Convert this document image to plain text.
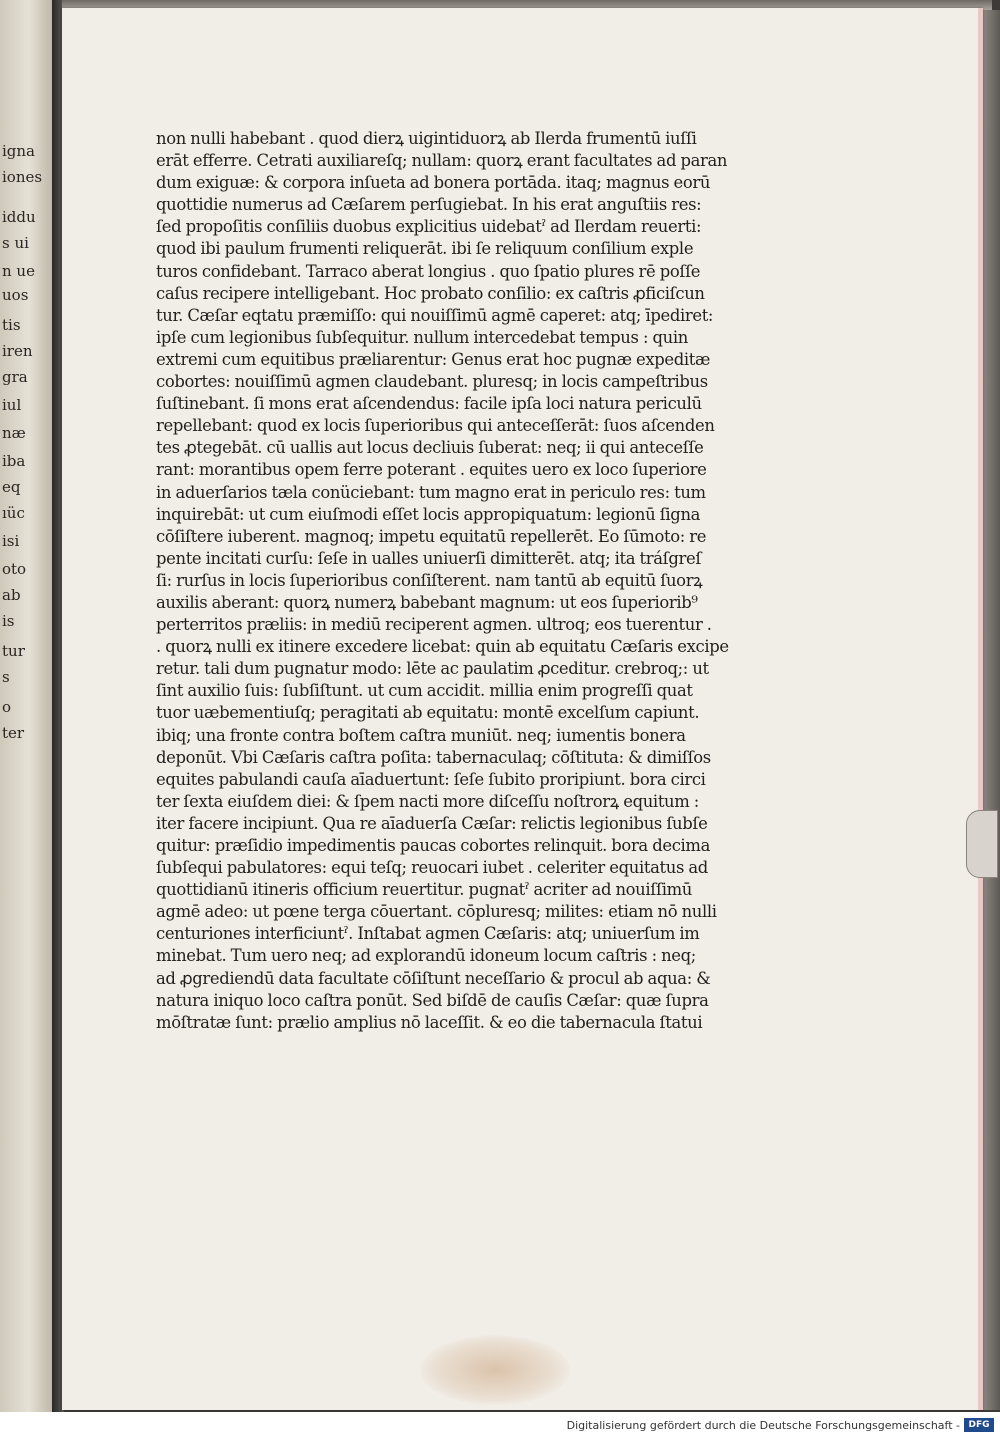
igna
iones
iddu
s ui
n ue
uos
tis
iren
gra
iul
næ
iba
eq
ıüc
isi
oto
ab
is
tur
s
o
ter
non nulli habebant . quod dierꝝ uigintiduorꝝ ab Ilerda frumentū iuſſi
erāt efferre. Cetrati auxiliareſq; nullam: quorꝝ erant facultates ad paran
dum exiguæ: & corpora inſueta ad bonera portāda. itaq; magnus eorū
quottidie numerus ad Cæſarem perſugiebat. In his erat anguſtiis res:
ſed propoſitis conſiliis duobus explicitius uidebatˀ ad Ilerdam reuerti:
quod ibi paulum frumenti reliquerāt. ibi ſe reliquum conſilium exple
turos confidebant. Tarraco aberat longius . quo ſpatio plures rē poſſe
caſus recipere intelligebant. Hoc probato conſilio: ex caſtris ꝓficiſcun
tur. Cæſar eqtatu præmiſſo: qui nouiſſimū agmē caperet: atq; īpediret:
ipſe cum legionibus ſubſequitur. nullum intercedebat tempus : quin
extremi cum equitibus præliarentur: Genus erat hoc pugnæ expeditæ
cobortes: nouiſſimū agmen claudebant. pluresq; in locis campeſtribus
ſuſtinebant. ſi mons erat aſcendendus: facile ipſa loci natura periculū
repellebant: quod ex locis ſuperioribus qui anteceſſerāt: ſuos aſcenden
tes ꝓtegebāt. cū uallis aut locus decliuis ſuberat: neq; ii qui anteceſſe
rant: morantibus opem ferre poterant . equites uero ex loco ſuperiore
in aduerſarios tæla conüciebant: tum magno erat in periculo res: tum
inquirebāt: ut cum eiuſmodi eſſet locis appropiquatum: legionū ſigna
cōſiſtere iuberent. magnoq; impetu equitatū repellerēt. Eo ſūmoto: re
pente incitati curſu: ſeſe in ualles uniuerſi dimitterēt. atq; ita tráſgreſ
ſi: rurſus in locis ſuperioribus conſiſterent. nam tantū ab equitū ſuorꝝ
auxilis aberant: quorꝝ numerꝝ babebant magnum: ut eos ſuperiorib⁹
perterritos præliis: in mediū reciperent agmen. ultroq; eos tuerentur .
. quorꝝ nulli ex itinere excedere licebat: quin ab equitatu Cæſaris excipe
retur. tali dum pugnatur modo: lēte ac paulatim ꝓceditur. crebroq;: ut
ſint auxilio ſuis: ſubſiſtunt. ut cum accidit. millia enim progreſſi quat
tuor uæbementiuſq; peragitati ab equitatu: montē excelſum capiunt.
ibiq; una fronte contra boſtem caſtra muniūt. neq; iumentis bonera
deponūt. Vbi Cæſaris caſtra poſita: tabernaculaq; cōſtituta: & dimiſſos
equites pabulandi cauſa aīaduertunt: ſeſe ſubito proripiunt. bora circi
ter ſexta eiuſdem diei: & ſpem nacti more diſceſſu noſtrorꝝ equitum :
iter facere incipiunt. Qua re aīaduerſa Cæſar: relictis legionibus ſubſe
quitur: præſidio impedimentis paucas cobortes relinquit. bora decima
ſubſequi pabulatores: equi teſq; reuocari iubet . celeriter equitatus ad
quottidianū itineris officium reuertitur. pugnatˀ acriter ad nouiſſimū
agmē adeo: ut pœne terga cōuertant. cōpluresq; milites: etiam nō nulli
centuriones interficiuntˀ. Inſtabat agmen Cæſaris: atq; uniuerſum im
minebat. Tum uero neq; ad explorandū idoneum locum caſtris : neq;
ad ꝓgrediendū data facultate cōſiſtunt neceſſario & procul ab aqua: &
natura iniquo loco caſtra ponūt. Sed biſdē de cauſis Cæſar: quæ ſupra
mōſtratæ ſunt: prælio amplius nō laceſſit. & eo die tabernacula ſtatui
Digitalisierung gefördert durch die Deutsche Forschungsgemeinschaft - DFG
